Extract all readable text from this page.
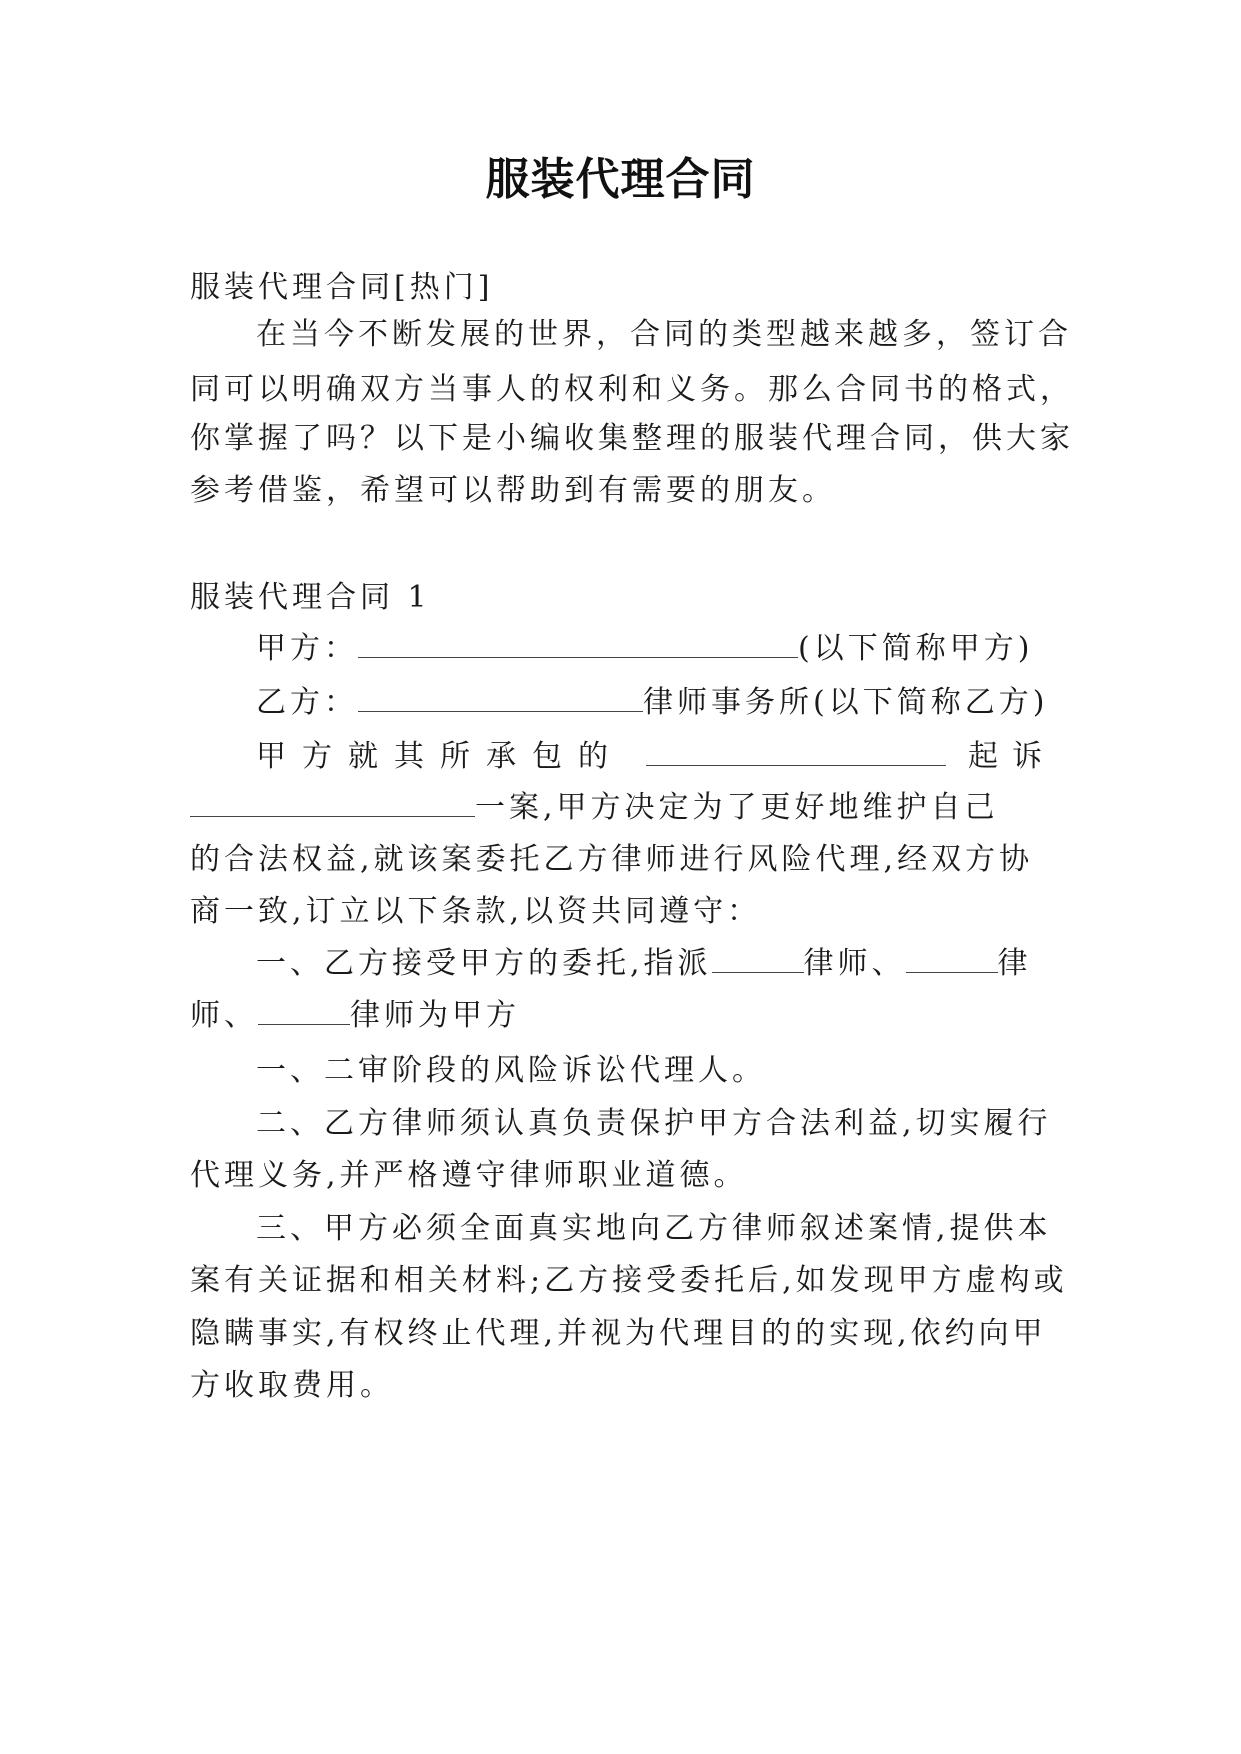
服装代理合同
服装代理合同[热门]
在当今不断发展的世界，合同的类型越来越多，签订合
同可以明确双方当事人的权利和义务。那么合同书的格式，
你掌握了吗？以下是小编收集整理的服装代理合同，供大家
参考借鉴，希望可以帮助到有需要的朋友。
服装代理合同 1
甲方：	(以下简称甲方)
乙方：	律师事务所(以下简称乙方)
甲方就其所承包的	起诉
一案,甲方决定为了更好地维护自己
的合法权益,就该案委托乙方律师进行风险代理,经双方协
商一致,订立以下条款,以资共同遵守：
一、乙方接受甲方的委托,指派	律师、	律
师、	律师为甲方
一、二审阶段的风险诉讼代理人。
二、乙方律师须认真负责保护甲方合法利益,切实履行
代理义务,并严格遵守律师职业道德。
三、甲方必须全面真实地向乙方律师叙述案情,提供本
案有关证据和相关材料;乙方接受委托后,如发现甲方虚构或
隐瞒事实,有权终止代理,并视为代理目的的实现,依约向甲
方收取费用。
